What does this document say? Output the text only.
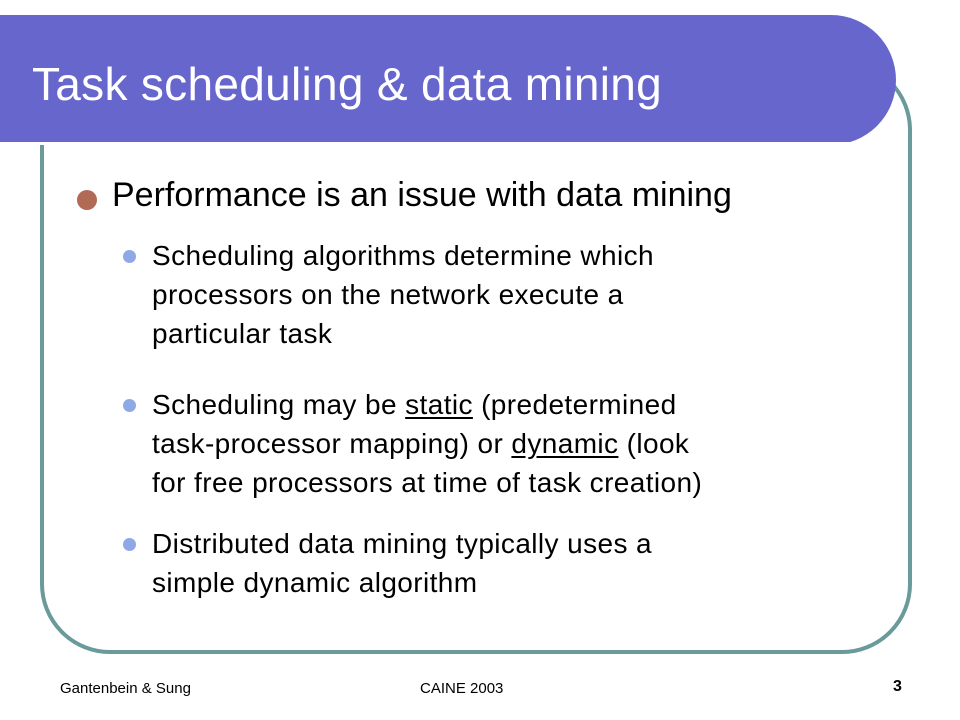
Task scheduling & data mining
Performance is an issue with data mining
Scheduling algorithms determine which
processors on the network execute a
particular task
Scheduling may be static (predetermined
task-processor mapping) or dynamic (look
for free processors at time of task creation)
Distributed data mining typically uses a
simple dynamic algorithm
Gantenbein & Sung	CAINE 2003	3
